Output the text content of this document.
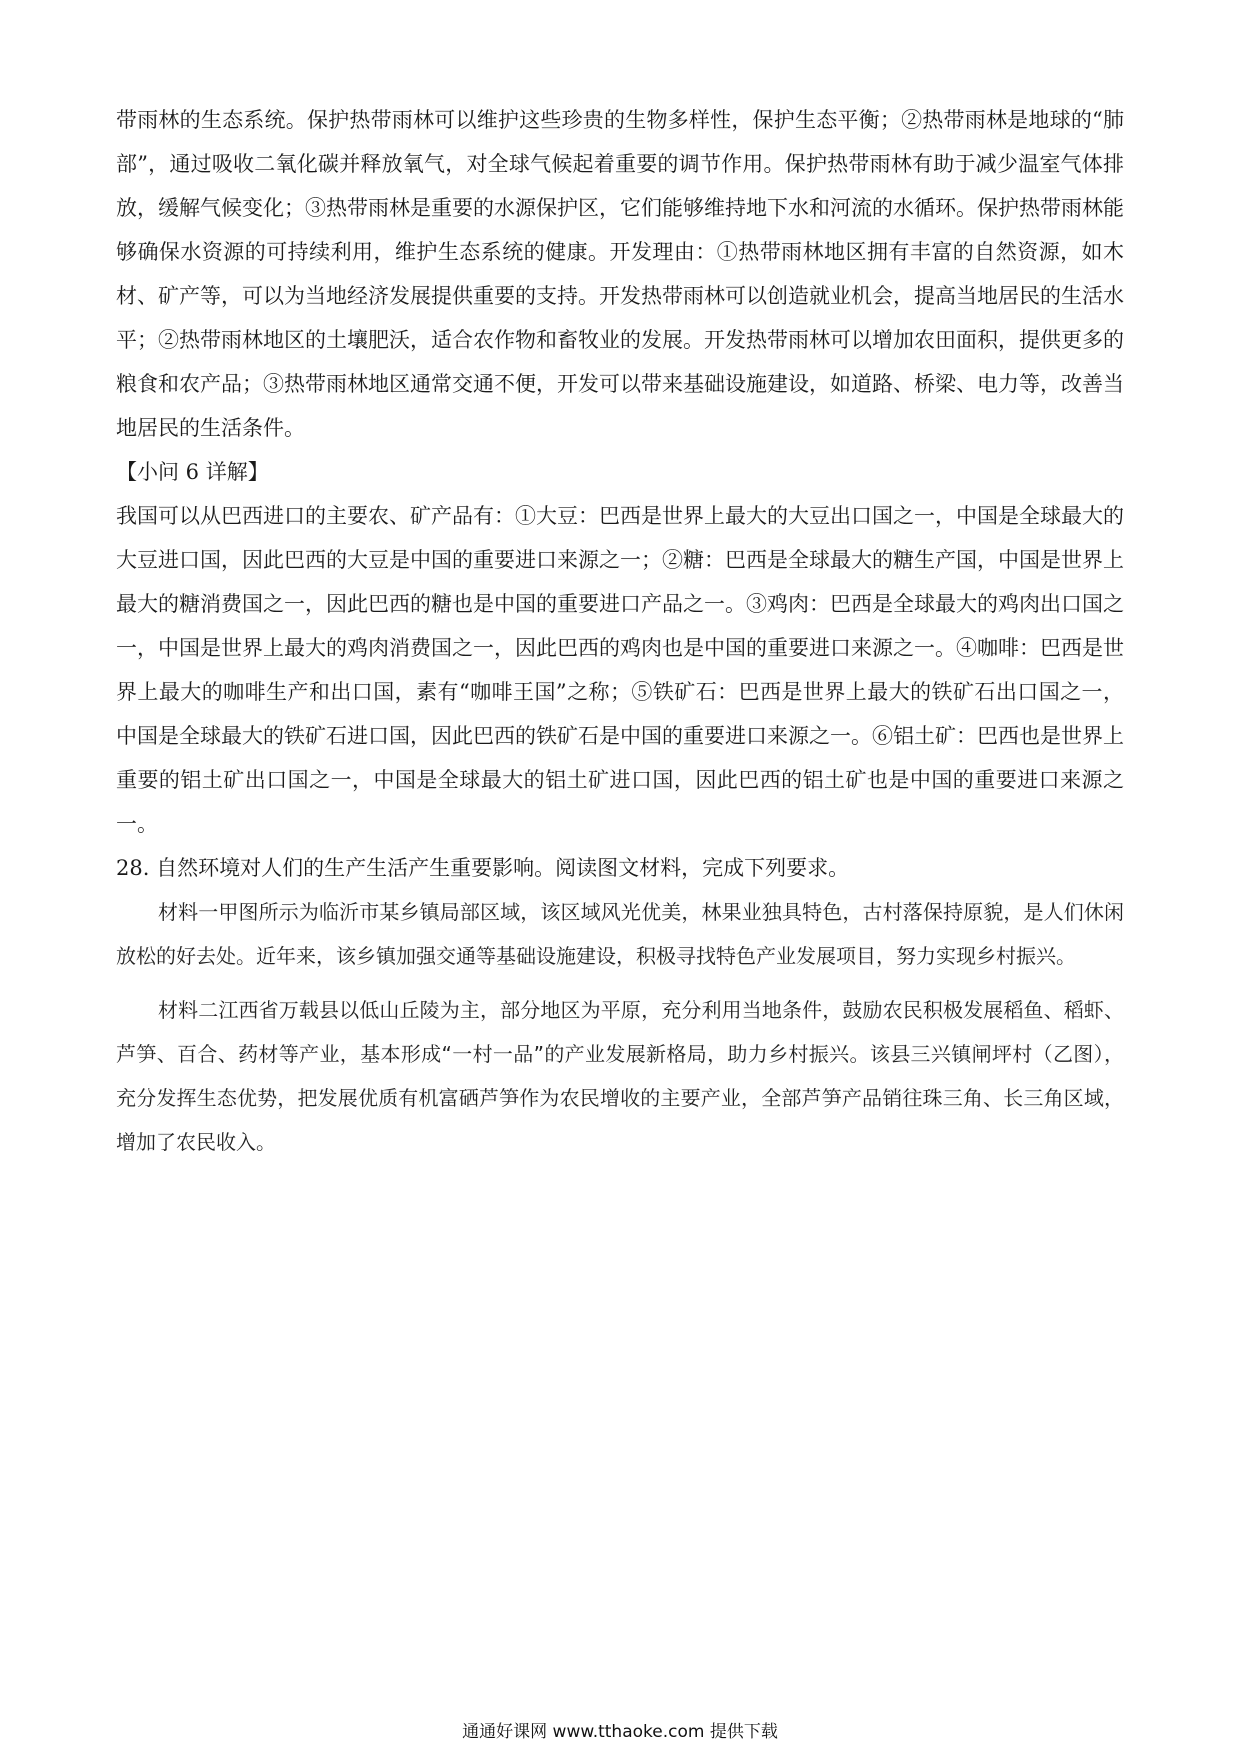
带雨林的生态系统。保护热带雨林可以维护这些珍贵的生物多样性，保护生态平衡；②热带雨林是地球的“肺部”，通过吸收二氧化碳并释放氧气，对全球气候起着重要的调节作用。保护热带雨林有助于减少温室气体排放，缓解气候变化；③热带雨林是重要的水源保护区，它们能够维持地下水和河流的水循环。保护热带雨林能够确保水资源的可持续利用，维护生态系统的健康。开发理由：①热带雨林地区拥有丰富的自然资源，如木材、矿产等，可以为当地经济发展提供重要的支持。开发热带雨林可以创造就业机会，提高当地居民的生活水平；②热带雨林地区的土壤肥沃，适合农作物和畜牧业的发展。开发热带雨林可以增加农田面积，提供更多的粮食和农产品；③热带雨林地区通常交通不便，开发可以带来基础设施建设，如道路、桥梁、电力等，改善当地居民的生活条件。

【小问 6 详解】

我国可以从巴西进口的主要农、矿产品有：①大豆：巴西是世界上最大的大豆出口国之一，中国是全球最大的大豆进口国，因此巴西的大豆是中国的重要进口来源之一；②糖：巴西是全球最大的糖生产国，中国是世界上最大的糖消费国之一，因此巴西的糖也是中国的重要进口产品之一。③鸡肉：巴西是全球最大的鸡肉出口国之一，中国是世界上最大的鸡肉消费国之一，因此巴西的鸡肉也是中国的重要进口来源之一。④咖啡：巴西是世界上最大的咖啡生产和出口国，素有“咖啡王国”之称；⑤铁矿石：巴西是世界上最大的铁矿石出口国之一，中国是全球最大的铁矿石进口国，因此巴西的铁矿石是中国的重要进口来源之一。⑥铝土矿：巴西也是世界上重要的铝土矿出口国之一，中国是全球最大的铝土矿进口国，因此巴西的铝土矿也是中国的重要进口来源之一。

28. 自然环境对人们的生产生活产生重要影响。阅读图文材料，完成下列要求。

材料一甲图所示为临沂市某乡镇局部区域，该区域风光优美，林果业独具特色，古村落保持原貌，是人们休闲放松的好去处。近年来，该乡镇加强交通等基础设施建设，积极寻找特色产业发展项目，努力实现乡村振兴。

材料二江西省万载县以低山丘陵为主，部分地区为平原，充分利用当地条件，鼓励农民积极发展稻鱼、稻虾、芦笋、百合、药材等产业，基本形成“一村一品”的产业发展新格局，助力乡村振兴。该县三兴镇闸坪村（乙图），充分发挥生态优势，把发展优质有机富硒芦笋作为农民增收的主要产业，全部芦笋产品销往珠三角、长三角区域，增加了农民收入。

通通好课网 www.tthaoke.com 提供下载
